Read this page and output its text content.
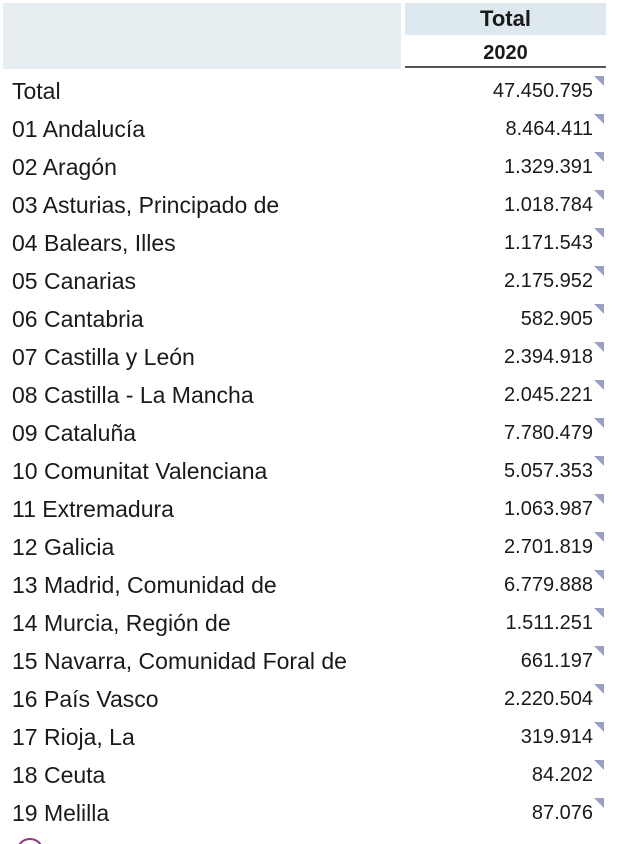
Total
2020
Total	47.450.795
01 Andalucía	8.464.411
02 Aragón	1.329.391
03 Asturias, Principado de	1.018.784
04 Balears, Illes	1.171.543
05 Canarias	2.175.952
06 Cantabria	582.905
07 Castilla y León	2.394.918
08 Castilla - La Mancha	2.045.221
09 Cataluña	7.780.479
10 Comunitat Valenciana	5.057.353
11 Extremadura	1.063.987
12 Galicia	2.701.819
13 Madrid, Comunidad de	6.779.888
14 Murcia, Región de	1.511.251
15 Navarra, Comunidad Foral de	661.197
16 País Vasco	2.220.504
17 Rioja, La	319.914
18 Ceuta	84.202
19 Melilla	87.076
